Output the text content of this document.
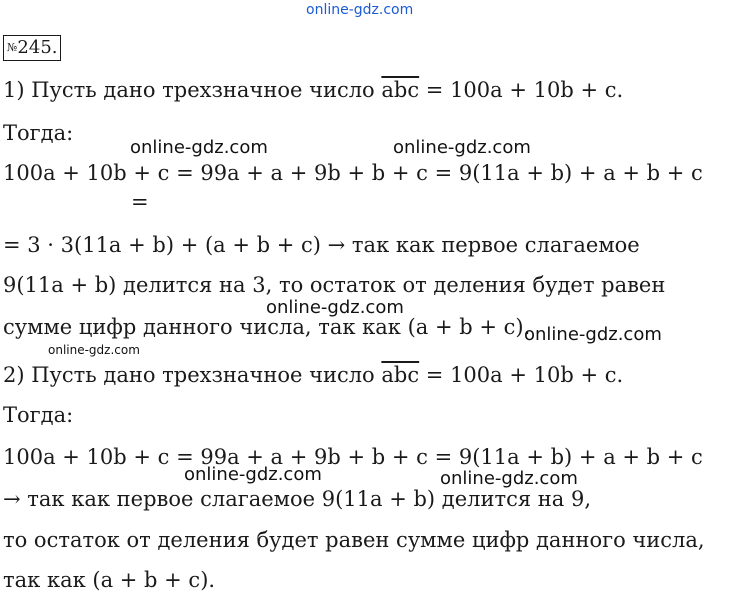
online-gdz.com
№245.
1) Пусть дано трехзначное число $\overline{abc} = 100a + 10b + c$.
Тогда:
100a + 10b + c = 99a + a + 9b + b + c = 9(11a + b) + a + b + c
=
= 3 · 3(11a + b) + (a + b + c) → так как первое слагаемое
9(11a + b) делится на 3, то остаток от деления будет равен
сумме цифр данного числа, так как (a + b + c).
2) Пусть дано трехзначное число $\overline{abc} = 100a + 10b + c$.
Тогда:
100a + 10b + c = 99a + a + 9b + b + c = 9(11a + b) + a + b + c
→ так как первое слагаемое 9(11a + b) делится на 9,
то остаток от деления будет равен сумме цифр данного числа,
так как (a + b + c).
online-gdz.com	online-gdz.com
online-gdz.com
online-gdz.com
online-gdz.com
online-gdz.com	online-gdz.com
